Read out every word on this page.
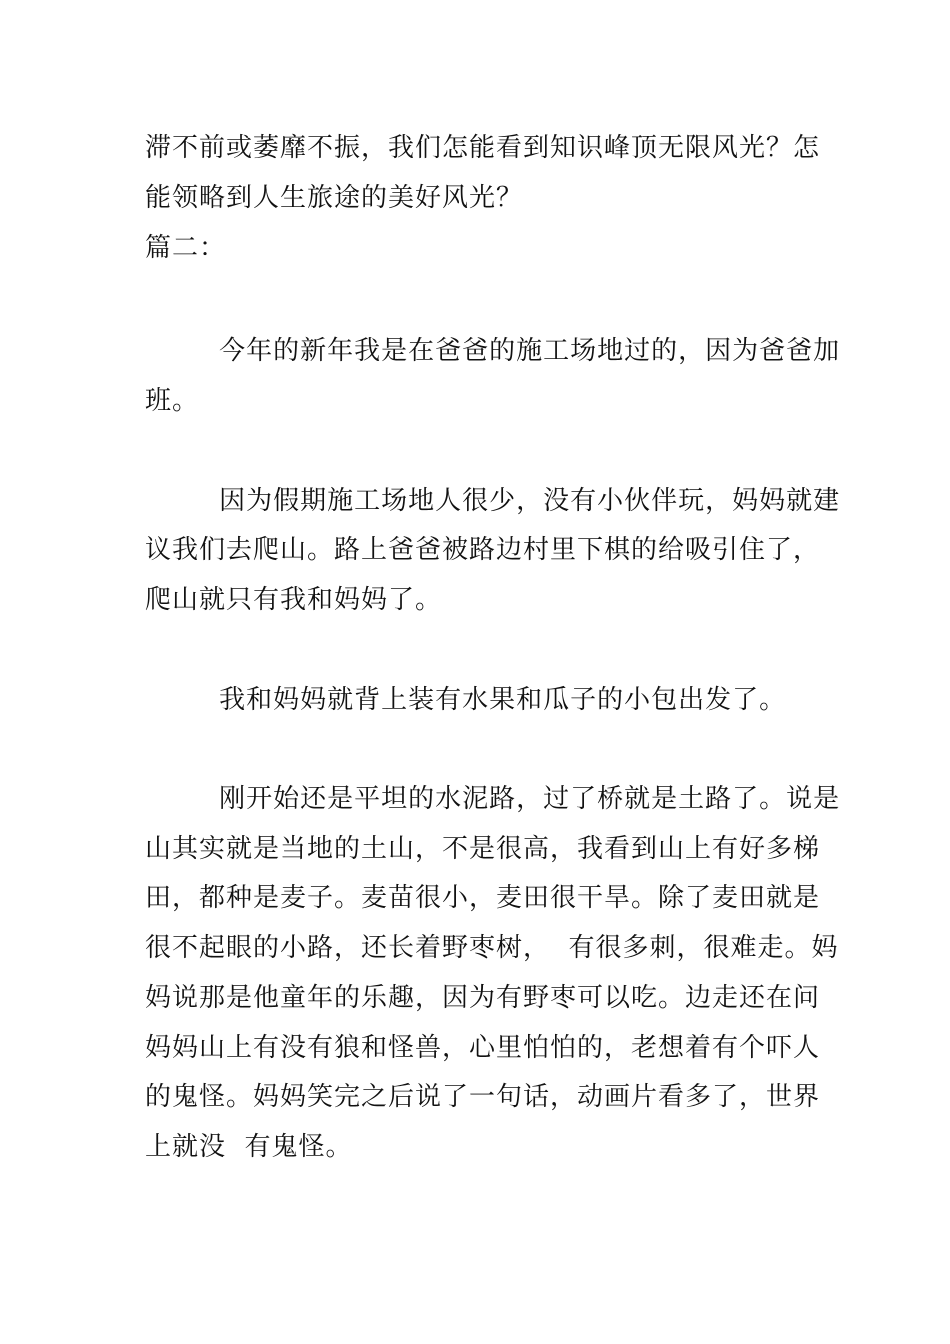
滞不前或萎靡不振，我们怎能看到知识峰顶无限风光？怎
能领略到人生旅途的美好风光？
篇二：
今年的新年我是在爸爸的施工场地过的，因为爸爸加
班。
因为假期施工场地人很少，没有小伙伴玩，妈妈就建
议我们去爬山。路上爸爸被路边村里下棋的给吸引住了，
爬山就只有我和妈妈了。
我和妈妈就背上装有水果和瓜子的小包出发了。
刚开始还是平坦的水泥路，过了桥就是土路了。说是
山其实就是当地的土山，不是很高，我看到山上有好多梯
田，都种是麦子。麦苗很小，麦田很干旱。除了麦田就是
很不起眼的小路，还长着野枣树，  有很多刺，很难走。妈
妈说那是他童年的乐趣，因为有野枣可以吃。边走还在问
妈妈山上有没有狼和怪兽，心里怕怕的，老想着有个吓人
的鬼怪。妈妈笑完之后说了一句话，动画片看多了，世界
上就没  有鬼怪。
